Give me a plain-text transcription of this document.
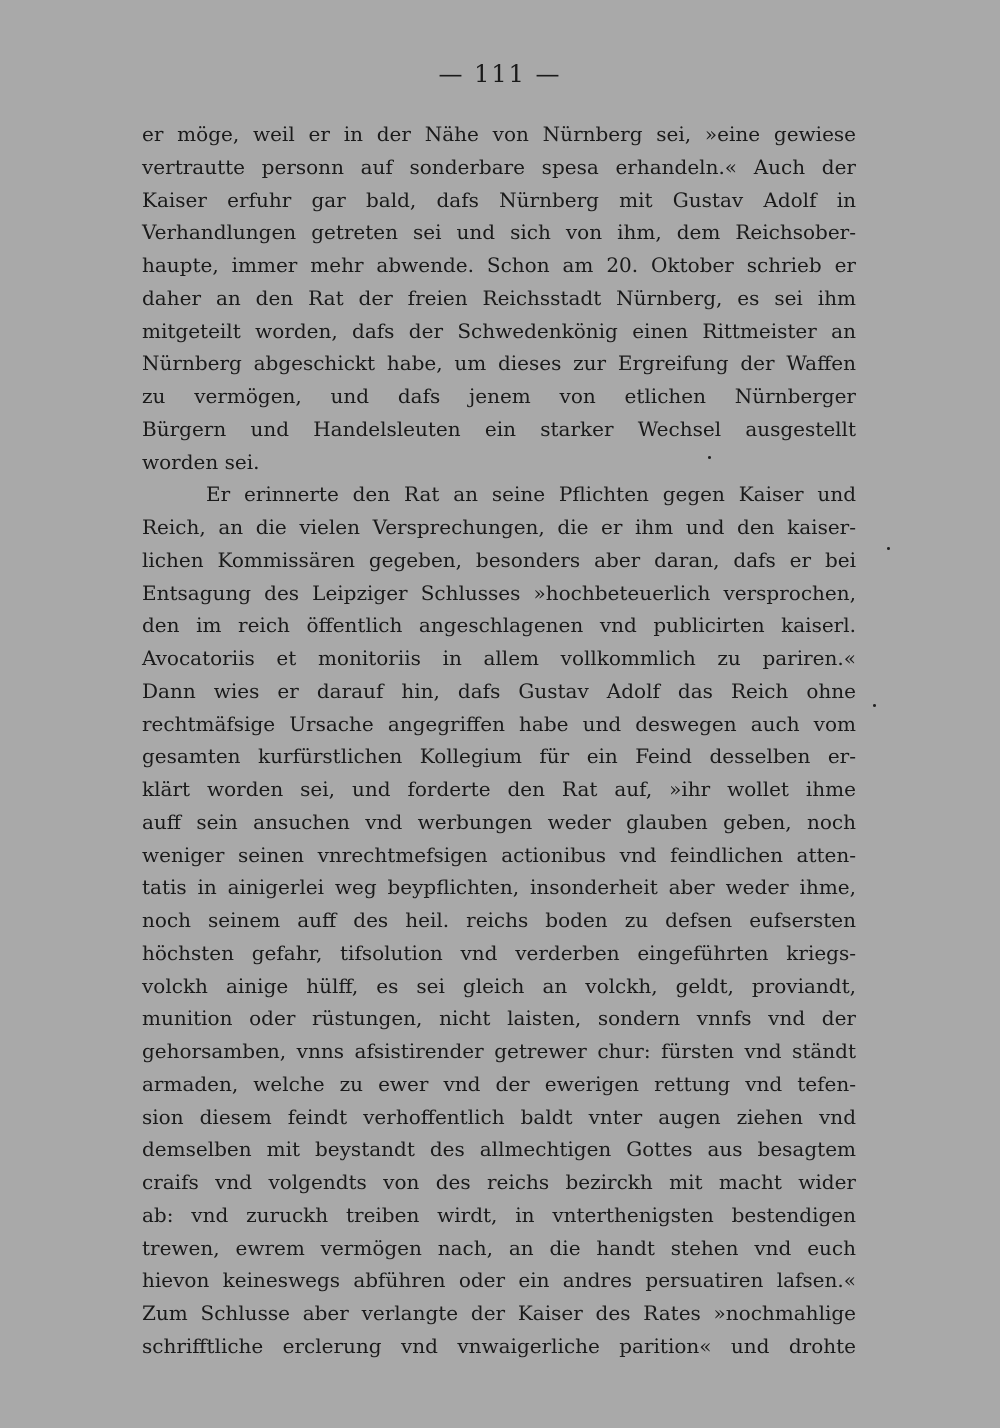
— 111 —
er möge, weil er in der Nähe von Nürnberg sei, »eine gewiese
vertrautte personn auf sonderbare spesa erhandeln.« Auch der
Kaiser erfuhr gar bald, dafs Nürnberg mit Gustav Adolf in
Verhandlungen getreten sei und sich von ihm, dem Reichsober-
haupte, immer mehr abwende. Schon am 20. Oktober schrieb er
daher an den Rat der freien Reichsstadt Nürnberg, es sei ihm
mitgeteilt worden, dafs der Schwedenkönig einen Rittmeister an
Nürnberg abgeschickt habe, um dieses zur Ergreifung der Waffen
zu vermögen, und dafs jenem von etlichen Nürnberger
Bürgern und Handelsleuten ein starker Wechsel ausgestellt
worden sei.
Er erinnerte den Rat an seine Pflichten gegen Kaiser und
Reich, an die vielen Versprechungen, die er ihm und den kaiser-
lichen Kommissären gegeben, besonders aber daran, dafs er bei
Entsagung des Leipziger Schlusses »hochbeteuerlich versprochen,
den im reich öffentlich angeschlagenen vnd publicirten kaiserl.
Avocatoriis et monitoriis in allem vollkommlich zu pariren.«
Dann wies er darauf hin, dafs Gustav Adolf das Reich ohne
rechtmäfsige Ursache angegriffen habe und deswegen auch vom
gesamten kurfürstlichen Kollegium für ein Feind desselben er-
klärt worden sei, und forderte den Rat auf, »ihr wollet ihme
auff sein ansuchen vnd werbungen weder glauben geben, noch
weniger seinen vnrechtmefsigen actionibus vnd feindlichen atten-
tatis in ainigerlei weg beypflichten, insonderheit aber weder ihme,
noch seinem auff des heil. reichs boden zu defsen eufsersten
höchsten gefahr, tifsolution vnd verderben eingeführten kriegs-
volckh ainige hülff, es sei gleich an volckh, geldt, proviandt,
munition oder rüstungen, nicht laisten, sondern vnnfs vnd der
gehorsamben, vnns afsistirender getrewer chur: fürsten vnd ständt
armaden, welche zu ewer vnd der ewerigen rettung vnd tefen-
sion diesem feindt verhoffentlich baldt vnter augen ziehen vnd
demselben mit beystandt des allmechtigen Gottes aus besagtem
craifs vnd volgendts von des reichs bezirckh mit macht wider
ab: vnd zuruckh treiben wirdt, in vnterthenigsten bestendigen
trewen, ewrem vermögen nach, an die handt stehen vnd euch
hievon keineswegs abführen oder ein andres persuatiren lafsen.«
Zum Schlusse aber verlangte der Kaiser des Rates »nochmahlige
schrifftliche erclerung vnd vnwaigerliche parition« und drohte
